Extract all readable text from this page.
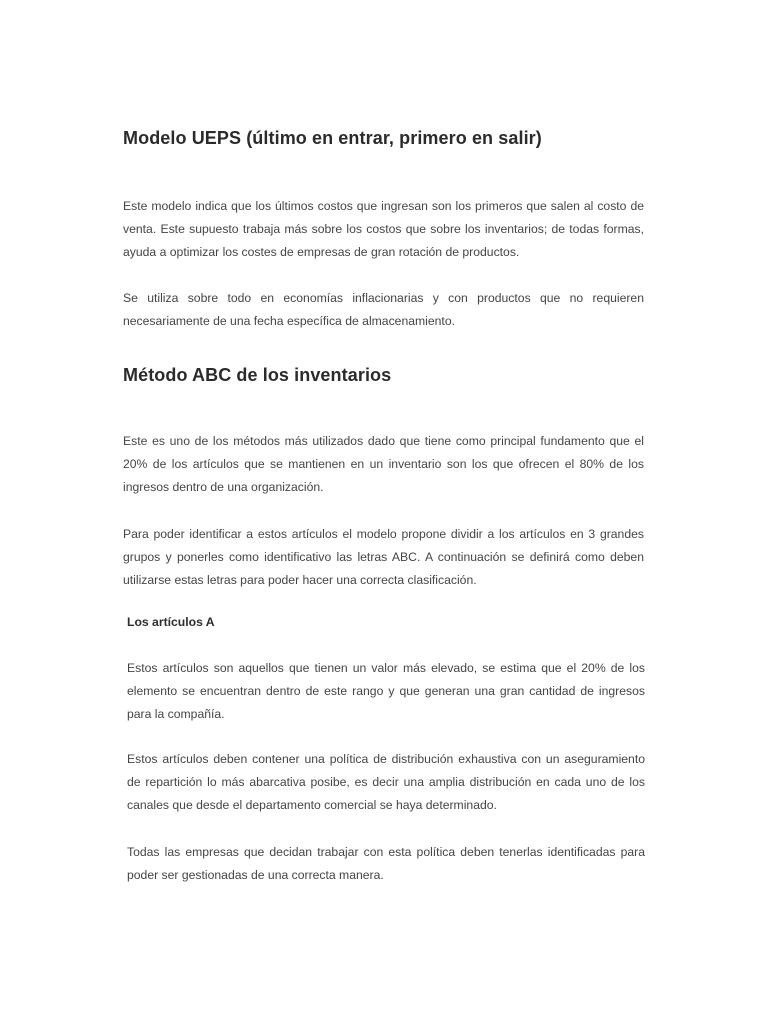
Modelo UEPS (último en entrar, primero en salir)

Este modelo indica que los últimos costos que ingresan son los primeros que salen al costo de venta. Este supuesto trabaja más sobre los costos que sobre los inventarios; de todas formas, ayuda a optimizar los costes de empresas de gran rotación de productos.

Se utiliza sobre todo en economías inflacionarias y con productos que no requieren necesariamente de una fecha específica de almacenamiento.

Método ABC de los inventarios

Este es uno de los métodos más utilizados dado que tiene como principal fundamento que el 20% de los artículos que se mantienen en un inventario son los que ofrecen el 80% de los ingresos dentro de una organización.

Para poder identificar a estos artículos el modelo propone dividir a los artículos en 3 grandes grupos y ponerles como identificativo las letras ABC. A continuación se definirá como deben utilizarse estas letras para poder hacer una correcta clasificación.

Los artículos A

Estos artículos son aquellos que tienen un valor más elevado, se estima que el 20% de los elemento se encuentran dentro de este rango y que generan una gran cantidad de ingresos para la compañía.

Estos artículos deben contener una política de distribución exhaustiva con un aseguramiento de repartición lo más abarcativa posibe, es decir una amplia distribución en cada uno de los canales que desde el departamento comercial se haya determinado.

Todas las empresas que decidan trabajar con esta política deben tenerlas identificadas para poder ser gestionadas de una correcta manera.
